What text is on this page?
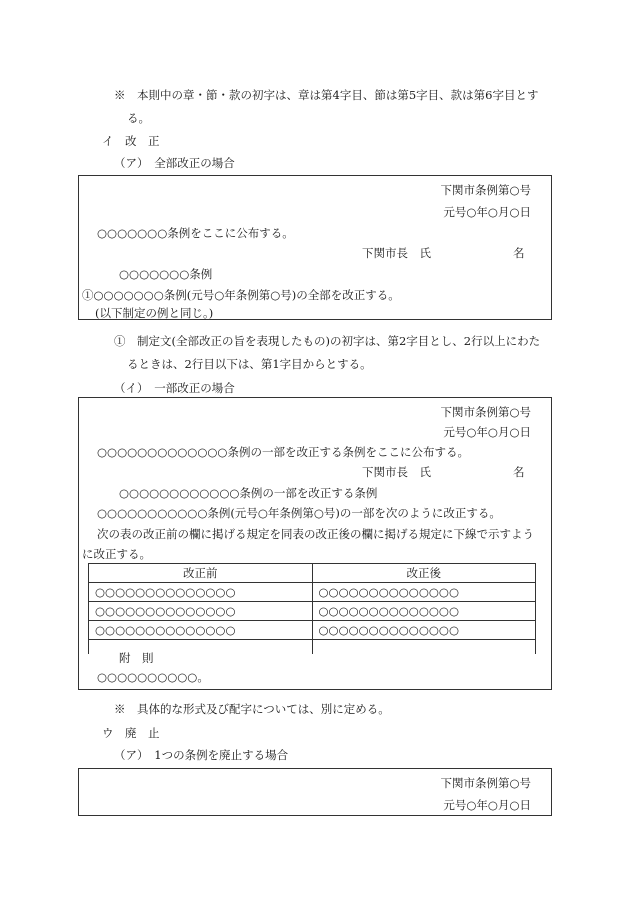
※　本則中の章・節・款の初字は、章は第4字目、節は第5字目、款は第6字目とす
る。
イ　改　正
（ア）　全部改正の場合
下関市条例第○号
元号○年○月○日
○○○○○○○条例をここに公布する。
下関市長　氏	名
○○○○○○○条例
①○○○○○○○条例(元号○年条例第○号)の全部を改正する。
(以下制定の例と同じ。)
①　制定文(全部改正の旨を表現したもの)の初字は、第2字目とし、2行以上にわた
るときは、2行目以下は、第1字目からとする。
（イ）　一部改正の場合
下関市条例第○号
元号○年○月○日
○○○○○○○○○○○○○条例の一部を改正する条例をここに公布する。
下関市長　氏	名
○○○○○○○○○○○○条例の一部を改正する条例
○○○○○○○○○○○条例(元号○年条例第○号)の一部を次のように改正する。
次の表の改正前の欄に掲げる規定を同表の改正後の欄に掲げる規定に下線で示すよう
に改正する。
改正前	改正後
○○○○○○○○○○○○○○	○○○○○○○○○○○○○○
○○○○○○○○○○○○○○	○○○○○○○○○○○○○○
○○○○○○○○○○○○○○	○○○○○○○○○○○○○○

附　則
○○○○○○○○○○。
※　具体的な形式及び配字については、別に定める。
ウ　廃　止
（ア）　1つの条例を廃止する場合
下関市条例第○号
元号○年○月○日
